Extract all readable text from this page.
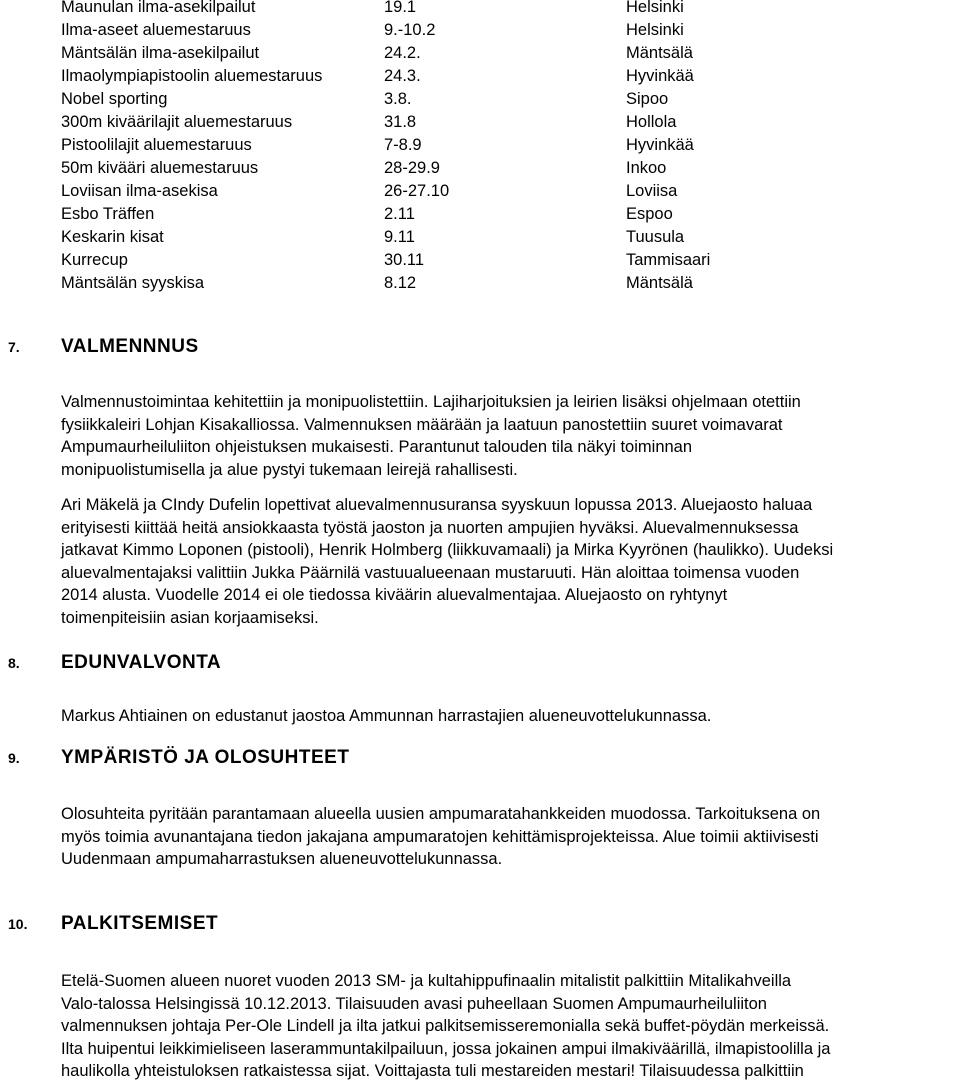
Maunulan ilma-asekilpailut	19.1	Helsinki
Ilma-aseet aluemestaruus	9.-10.2	Helsinki
Mäntsälän ilma-asekilpailut	24.2.	Mäntsälä
Ilmaolympiapistoolin aluemestaruus	24.3.	Hyvinkää
Nobel sporting	3.8.	Sipoo
300m kiväärilajit aluemestaruus	31.8	Hollola
Pistoolilajit aluemestaruus	7-8.9	Hyvinkää
50m kivääri aluemestaruus	28-29.9	Inkoo
Loviisan ilma-asekisa	26-27.10	Loviisa
Esbo Träffen	2.11	Espoo
Keskarin kisat	9.11	Tuusula
Kurrecup	30.11	Tammisaari
Mäntsälän syyskisa	8.12	Mäntsälä
7. VALMENNNUS

Valmennustoimintaa kehitettiin ja monipuolistettiin. Lajiharjoituksien ja leirien lisäksi ohjelmaan otettiin
fysiikkaleiri Lohjan Kisakalliossa. Valmennuksen määrään ja laatuun panostettiin suuret voimavarat
Ampumaurheiluliiton ohjeistuksen mukaisesti. Parantunut talouden tila näkyi toiminnan
monipuolistumisella ja alue pystyi tukemaan leirejä rahallisesti.

Ari Mäkelä ja CIndy Dufelin lopettivat aluevalmennusuransa syyskuun lopussa 2013. Aluejaosto haluaa
erityisesti kiittää heitä ansiokkaasta työstä jaoston ja nuorten ampujien hyväksi. Aluevalmennuksessa
jatkavat Kimmo Loponen (pistooli), Henrik Holmberg (liikkuvamaali) ja Mirka Kyyrönen (haulikko). Uudeksi
aluevalmentajaksi valittiin Jukka Päärnilä vastuualueenaan mustaruuti. Hän aloittaa toimensa vuoden
2014 alusta. Vuodelle 2014 ei ole tiedossa kiväärin aluevalmentajaa. Aluejaosto on ryhtynyt
toimenpiteisiin asian korjaamiseksi.

8. EDUNVALVONTA

Markus Ahtiainen on edustanut jaostoa Ammunnan harrastajien alueneuvottelukunnassa.

9. YMPÄRISTÖ JA OLOSUHTEET

Olosuhteita pyritään parantamaan alueella uusien ampumaratahankkeiden muodossa. Tarkoituksena on
myös toimia avunantajana tiedon jakajana ampumaratojen kehittämisprojekteissa. Alue toimii aktiivisesti
Uudenmaan ampumaharrastuksen alueneuvottelukunnassa.

10. PALKITSEMISET

Etelä-Suomen alueen nuoret vuoden 2013 SM- ja kultahippufinaalin mitalistit palkittiin Mitalikahveilla
Valo-talossa Helsingissä 10.12.2013. Tilaisuuden avasi puheellaan Suomen Ampumaurheiluliiton
valmennuksen johtaja Per-Ole Lindell ja ilta jatkui palkitsemisseremonialla sekä buffet-pöydän merkeissä.
Ilta huipentui leikkimieliseen laserammuntakilpailuun, jossa jokainen ampui ilmakiväärillä, ilmapistoolilla ja
haulikolla yhteistuloksen ratkaistessa sijat. Voittajasta tuli mestareiden mestari! Tilaisuudessa palkittiin
